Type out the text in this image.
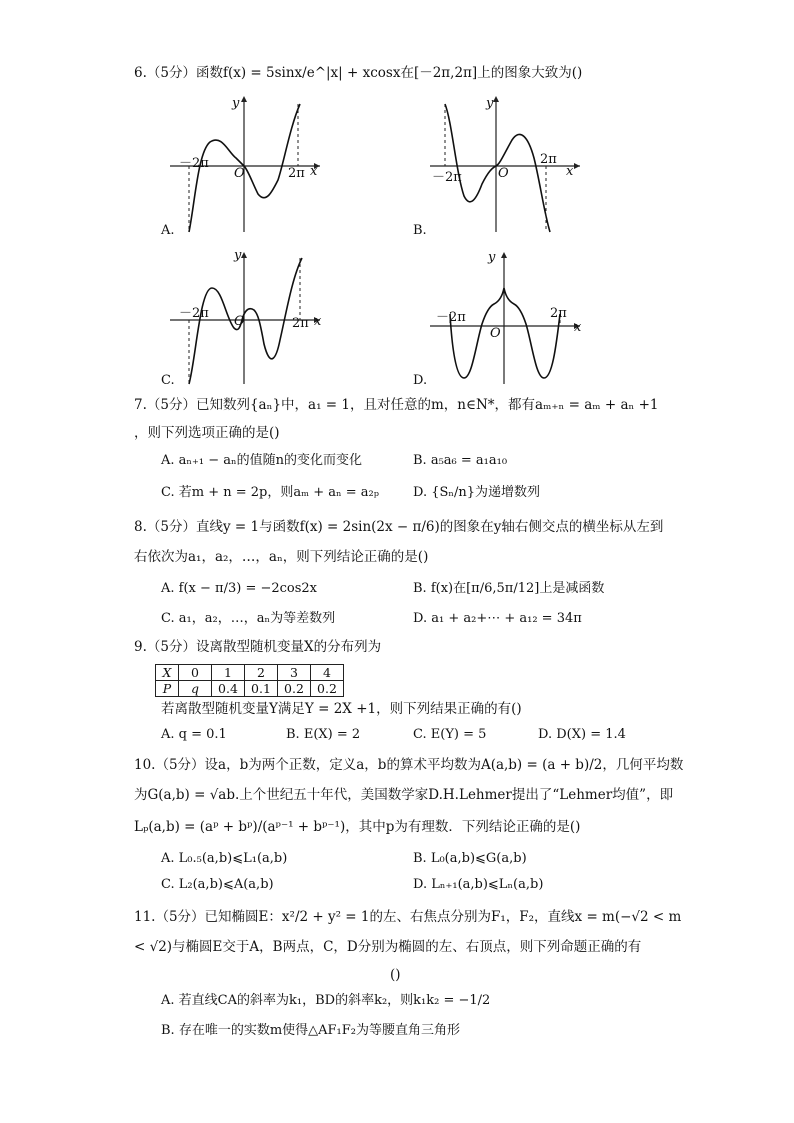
6.（5分）函数f(x) = 5sinx/e^|x| + xcosx在[－2π,2π]上的图象大致为()
－2π
O	2π x
y
A.
－2π	O
2π
x
y
B.
－2π
O	2π x
y
C.
－2π
O
2π
x
y
D.
7.（5分）已知数列{aₙ}中，a₁ = 1，且对任意的m，n∈N*，都有aₘ₊ₙ = aₘ + aₙ +1
，则下列选项正确的是()
A. aₙ₊₁ − aₙ的值随n的变化而变化	B. a₅a₆ = a₁a₁₀
C. 若m + n = 2p，则aₘ + aₙ = a₂ₚ	D. {Sₙ/n}为递增数列
8.（5分）直线y = 1与函数f(x) = 2sin(2x − π/6)的图象在y轴右侧交点的横坐标从左到
右依次为a₁，a₂，…，aₙ，则下列结论正确的是()
A. f(x − π/3) = −2cos2x	B. f(x)在[π/6,5π/12]上是减函数
C. a₁，a₂，…，aₙ为等差数列	D. a₁ + a₂+⋯ + a₁₂ = 34π
9.（5分）设离散型随机变量X的分布列为
X	0	1	2	3	4
P	q	0.4	0.1	0.2	0.2
若离散型随机变量Y满足Y = 2X +1，则下列结果正确的有()
A. q = 0.1	B. E(X) = 2	C. E(Y) = 5	D. D(X) = 1.4
10.（5分）设a，b为两个正数，定义a，b的算术平均数为A(a,b) = (a + b)/2，几何平均数
为G(a,b) = √ab.上个世纪五十年代，美国数学家D.H.Lehmer提出了“Lehmer均值”，即
Lₚ(a,b) = (aᵖ + bᵖ)/(aᵖ⁻¹ + bᵖ⁻¹)，其中p为有理数．下列结论正确的是()
A. L₀.₅(a,b)⩽L₁(a,b)	B. L₀(a,b)⩽G(a,b)
C. L₂(a,b)⩽A(a,b)	D. Lₙ₊₁(a,b)⩽Lₙ(a,b)
11.（5分）已知椭圆E：x²/2 + y² = 1的左、右焦点分别为F₁，F₂，直线x = m(−√2 < m
< √2)与椭圆E交于A，B两点，C，D分别为椭圆的左、右顶点，则下列命题正确的有
()
A. 若直线CA的斜率为k₁，BD的斜率k₂，则k₁k₂ = −1/2
B. 存在唯一的实数m使得△AF₁F₂为等腰直角三角形
